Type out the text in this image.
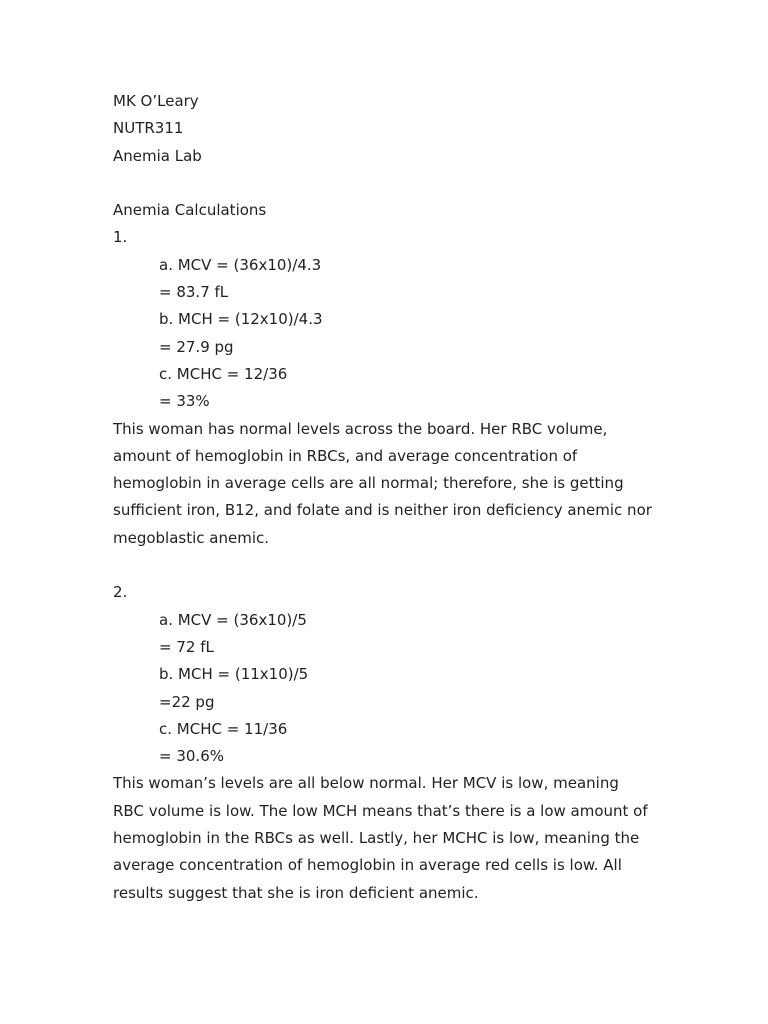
MK O’Leary
NUTR311
Anemia Lab
Anemia Calculations
1.
a. MCV = (36x10)/4.3
= 83.7 fL
b. MCH = (12x10)/4.3
= 27.9 pg
c. MCHC = 12/36
= 33%
This woman has normal levels across the board. Her RBC volume,
amount of hemoglobin in RBCs, and average concentration of
hemoglobin in average cells are all normal; therefore, she is getting
sufficient iron, B12, and folate and is neither iron deficiency anemic nor
megoblastic anemic.
2.
a. MCV = (36x10)/5
= 72 fL
b. MCH = (11x10)/5
=22 pg
c. MCHC = 11/36
= 30.6%
This woman’s levels are all below normal. Her MCV is low, meaning
RBC volume is low. The low MCH means that’s there is a low amount of
hemoglobin in the RBCs as well. Lastly, her MCHC is low, meaning the
average concentration of hemoglobin in average red cells is low. All
results suggest that she is iron deficient anemic.
